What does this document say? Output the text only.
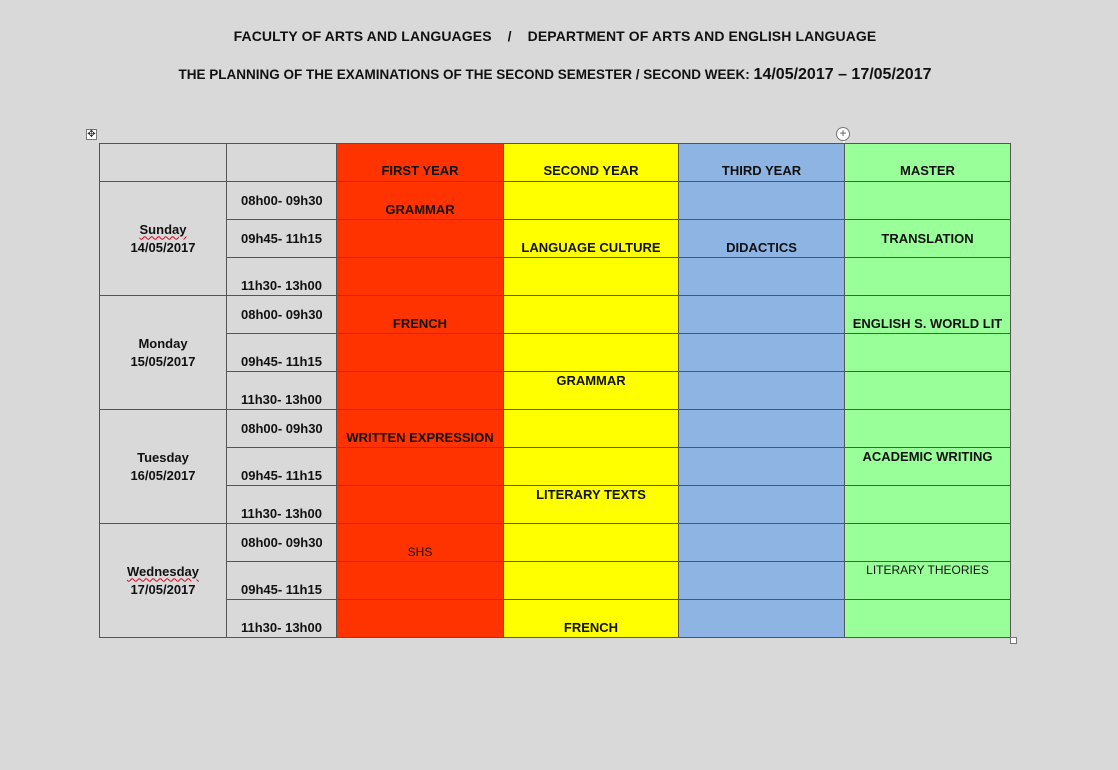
FACULTY OF ARTS AND LANGUAGES / DEPARTMENT OF ARTS AND ENGLISH LANGUAGE
THE PLANNING OF THE EXAMINATIONS OF THE SECOND SEMESTER / SECOND WEEK: 14/05/2017 – 17/05/2017
✥	+
		FIRST YEAR	SECOND YEAR	THIRD YEAR	MASTER
Sunday
14/05/2017	08h00- 09h30	GRAMMAR			
	09h45- 11h15		LANGUAGE CULTURE	DIDACTICS	TRANSLATION
	11h30- 13h00				
Monday
15/05/2017	08h00- 09h30	FRENCH			ENGLISH S. WORLD LIT
	09h45- 11h15				
	11h30- 13h00		GRAMMAR		
Tuesday
16/05/2017	08h00- 09h30	WRITTEN EXPRESSION			
	09h45- 11h15				ACADEMIC WRITING
	11h30- 13h00		LITERARY TEXTS		
Wednesday
17/05/2017	08h00- 09h30	SHS			
	09h45- 11h15				LITERARY THEORIES
	11h30- 13h00		FRENCH		
